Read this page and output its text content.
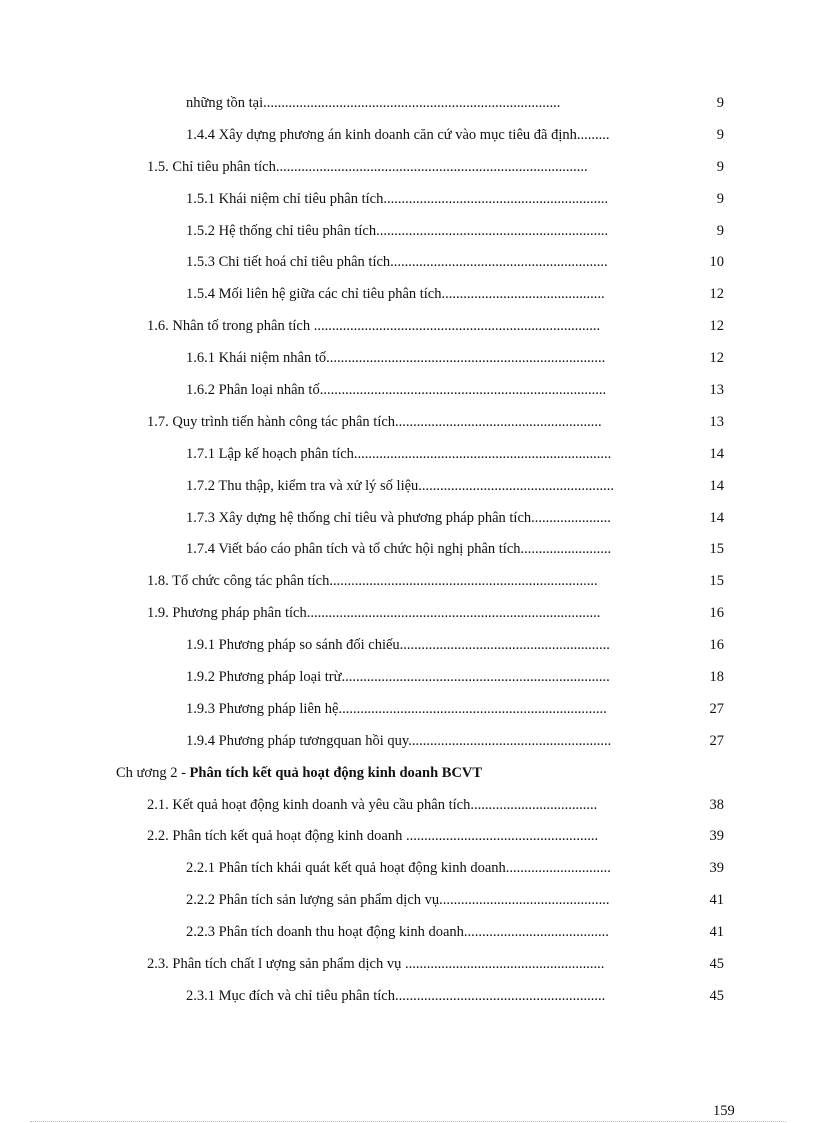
những tồn tại..................................................................................	9
1.4.4 Xây dựng phương án kinh doanh căn cứ vào mục tiêu đã định.........	9
1.5. Chỉ tiêu phân tích......................................................................................	9
1.5.1 Khái niệm chỉ tiêu phân tích..............................................................	9
1.5.2 Hệ thống chỉ tiêu phân tích................................................................	9
1.5.3 Chi tiết hoá chỉ tiêu phân tích............................................................	10
1.5.4 Mối liên hệ giữa các chỉ tiêu phân tích.............................................	12
1.6. Nhân tố trong phân tích ...............................................................................	12
1.6.1 Khái niệm nhân tố.............................................................................	12
1.6.2 Phân loại nhân tố...............................................................................	13
1.7. Quy trình tiến hành công tác phân tích.........................................................	13
1.7.1 Lập kế hoạch phân tích.......................................................................	14
1.7.2 Thu thập, kiểm tra và xử lý số liệu......................................................	14
1.7.3 Xây dựng hệ thống chỉ tiêu và phương pháp phân tích......................	14
1.7.4 Viết báo cáo phân tích và tổ chức hội nghị phân tích.........................	15
1.8. Tổ chức công tác phân tích..........................................................................	15
1.9. Phương pháp phân tích.................................................................................	16
1.9.1 Phương pháp so sánh đối chiếu..........................................................	16
1.9.2 Phương pháp loại trừ..........................................................................	18
1.9.3 Phương pháp liên hệ..........................................................................	27
1.9.4 Phương pháp tươngquan hồi quy........................................................	27
Ch ương 2 - Phân tích kết quả hoạt động kinh doanh BCVT
2.1. Kết quả hoạt động kinh doanh và yêu cầu phân tích...................................	38
2.2. Phân tích kết quả hoạt động kinh doanh .....................................................	39
2.2.1 Phân tích khái quát kết quả hoạt động kinh doanh.............................	39
2.2.2 Phân tích sản lượng sản phẩm dịch vụ...............................................	41
2.2.3 Phân tích doanh thu hoạt động kinh doanh........................................	41
2.3. Phân tích chất l ượng sản phẩm dịch vụ .......................................................	45
2.3.1 Mục đích và chỉ tiêu phân tích..........................................................	45
159
